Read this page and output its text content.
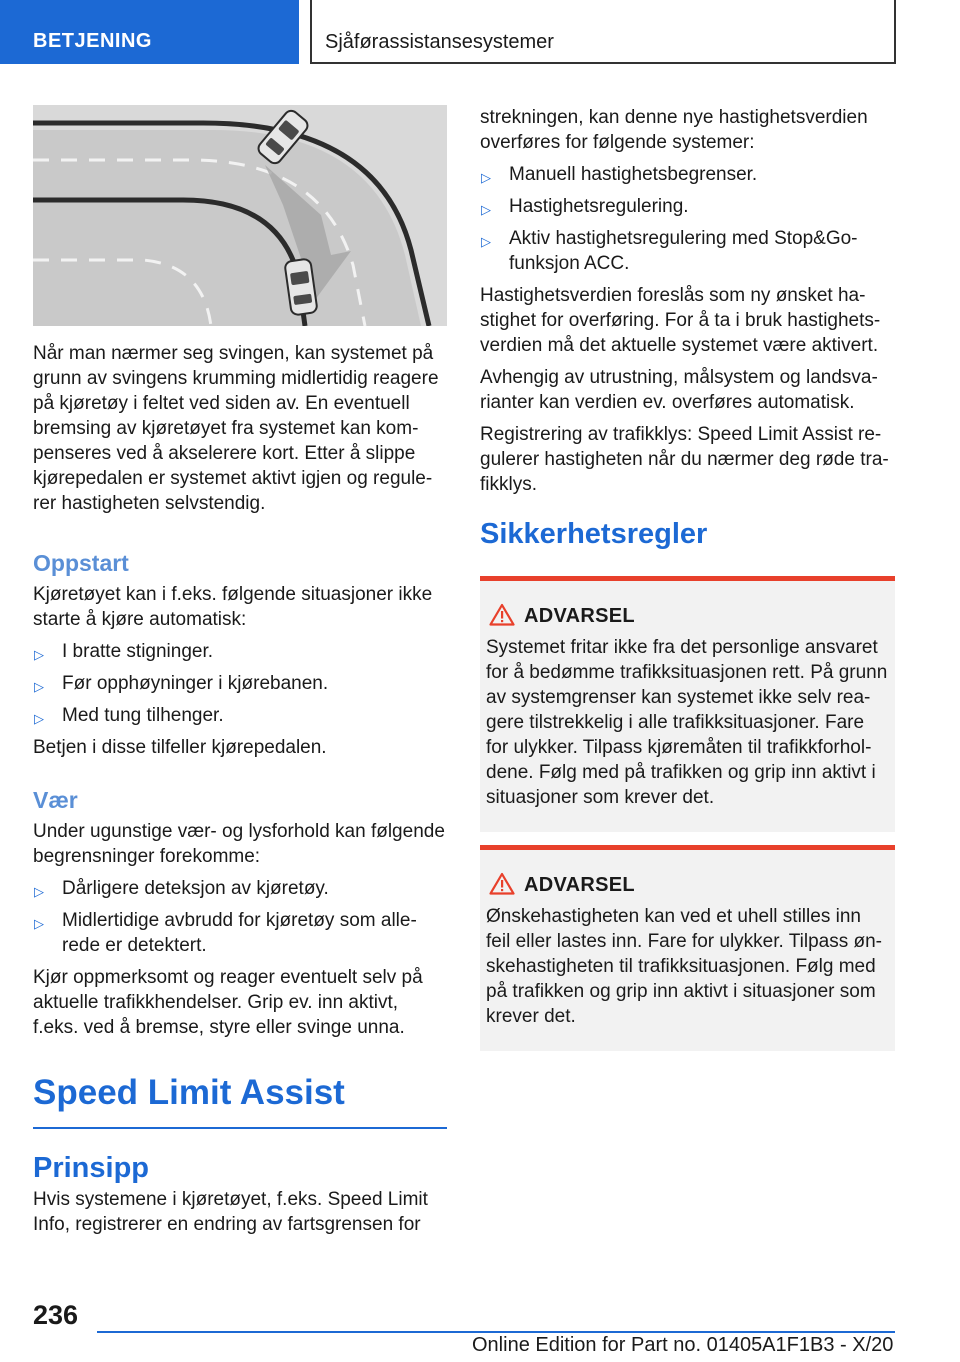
BETJENING	Sjåførassistansesystemer

Når man nærmer seg svingen, kan systemet på grunn av svingens krumming midlertidig reagere på kjøretøy i feltet ved siden av. En eventuell bremsing av kjøretøyet fra systemet kan kompenseres ved å akselerere kort. Etter å slippe kjørepedalen er systemet aktivt igjen og regulerer hastigheten selvstendig.

Oppstart

Kjøretøyet kan i f.eks. følgende situasjoner ikke starte å kjøre automatisk:

▷ I bratte stigninger.
▷ Før opphøyninger i kjørebanen.
▷ Med tung tilhenger.

Betjen i disse tilfeller kjørepedalen.

Vær

Under ugunstige vær- og lysforhold kan følgende begrensninger forekomme:

▷ Dårligere deteksjon av kjøretøy.
▷ Midlertidige avbrudd for kjøretøy som allerede er detektert.

Kjør oppmerksomt og reager eventuelt selv på aktuelle trafikkhendelser. Grip ev. inn aktivt, f.eks. ved å bremse, styre eller svinge unna.

Speed Limit Assist
Prinsipp

Hvis systemene i kjøretøyet, f.eks. Speed Limit Info, registrerer en endring av fartsgrensen for

strekningen, kan denne nye hastighetsverdien overføres for følgende systemer:

▷ Manuell hastighetsbegrenser.
▷ Hastighetsregulering.
▷ Aktiv hastighetsregulering med Stop&Go-funksjon ACC.

Hastighetsverdien foreslås som ny ønsket hastighet for overføring. For å ta i bruk hastighetsverdien må det aktuelle systemet være aktivert.

Avhengig av utrustning, målsystem og landsvarianter kan verdien ev. overføres automatisk.

Registrering av trafikklys: Speed Limit Assist regulerer hastigheten når du nærmer deg røde trafikklys.

Sikkerhetsregler
ADVARSEL

Systemet fritar ikke fra det personlige ansvaret for å bedømme trafikksituasjonen rett. På grunn av systemgrenser kan systemet ikke selv reagere tilstrekkelig i alle trafikksituasjoner. Fare for ulykker. Tilpass kjøremåten til trafikkforholdene. Følg med på trafikken og grip inn aktivt i situasjoner som krever det.

ADVARSEL

Ønskehastigheten kan ved et uhell stilles inn feil eller lastes inn. Fare for ulykker. Tilpass ønskehastigheten til trafikksituasjonen. Følg med på trafikken og grip inn aktivt i situasjoner som krever det.

236
Online Edition for Part no. 01405A1F1B3 - X/20
